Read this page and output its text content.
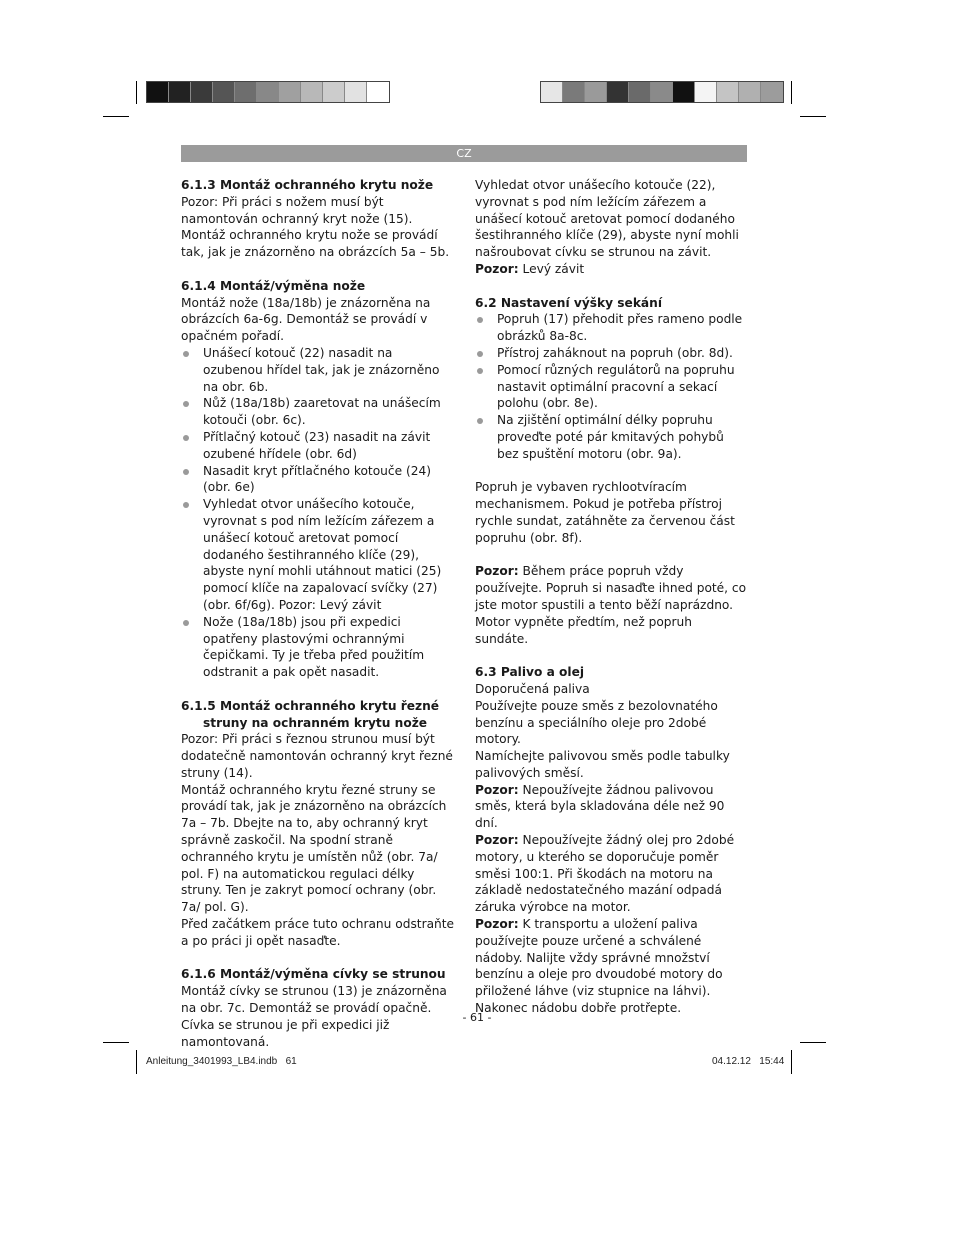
CZ
6.1.3 Montáž ochranného krytu nože

Pozor: Při práci s nožem musí být namontován ochranný kryt nože (15).

Montáž ochranného krytu nože se provádí tak, jak je znázorněno na obrázcích 5a – 5b.

6.1.4 Montáž/výměna nože

Montáž nože (18a/18b) je znázorněna na obrázcích 6a-6g. Demontáž se provádí v opačném pořadí.

Unášecí kotouč (22) nasadit na ozubenou hřídel tak, jak je znázorněno na obr. 6b.
Nůž (18a/18b) zaaretovat na unášecím kotouči (obr. 6c).
Přítlačný kotouč (23) nasadit na závit ozubené hřídele (obr. 6d)
Nasadit kryt přítlačného kotouče (24) (obr. 6e)
Vyhledat otvor unášecího kotouče, vyrovnat s pod ním ležícím zářezem a unášecí kotouč aretovat pomocí dodaného šestihranného klíče (29), abyste nyní mohli utáhnout matici (25) pomocí klíče na zapalovací svíčky (27) (obr. 6f/6g). Pozor: Levý závit
Nože (18a/18b) jsou při expedici opatřeny plastovými ochrannými čepičkami. Ty je třeba před použitím odstranit a pak opět nasadit.
6.1.5 Montáž ochranného krytu řezné struny na ochranném krytu nože

Pozor: Při práci s řeznou strunou musí být dodatečně namontován ochranný kryt řezné struny (14).

Montáž ochranného krytu řezné struny se provádí tak, jak je znázorněno na obrázcích 7a – 7b. Dbejte na to, aby ochranný kryt správně zaskočil. Na spodní straně ochranného krytu je umístěn nůž (obr. 7a/ pol. F) na automatickou regulaci délky struny. Ten je zakryt pomocí ochrany (obr. 7a/ pol. G).

Před začátkem práce tuto ochranu odstraňte a po práci ji opět nasaďte.

6.1.6 Montáž/výměna cívky se strunou

Montáž cívky se strunou (13) je znázorněna na obr. 7c. Demontáž se provádí opačně. Cívka se strunou je při expedici již namontovaná.

Vyhledat otvor unášecího kotouče (22), vyrovnat s pod ním ležícím zářezem a unášecí kotouč aretovat pomocí dodaného šestihranného klíče (29), abyste nyní mohli našroubovat cívku se strunou na závit. Pozor: Levý závit

6.2 Nastavení výšky sekání
Popruh (17) přehodit přes rameno podle obrázků 8a-8c.
Přístroj zaháknout na popruh (obr. 8d).
Pomocí různých regulátorů na popruhu nastavit optimální pracovní a sekací polohu (obr. 8e).
Na zjištění optimální délky popruhu proveďte poté pár kmitavých pohybů bez spuštění motoru (obr. 9a).

Popruh je vybaven rychlootvíracím mechanismem. Pokud je potřeba přístroj rychle sundat, zatáhněte za červenou část popruhu (obr. 8f).

Pozor: Během práce popruh vždy používejte. Popruh si nasaďte ihned poté, co jste motor spustili a tento běží naprázdno. Motor vypněte předtím, než popruh sundáte.

6.3 Palivo a olej

Doporučená paliva

Používejte pouze směs z bezolovnatého benzínu a speciálního oleje pro 2dobé motory.

Namíchejte palivovou směs podle tabulky palivových směsí.

Pozor: Nepoužívejte žádnou palivovou směs, která byla skladována déle než 90 dní.

Pozor: Nepoužívejte žádný olej pro 2dobé motory, u kterého se doporučuje poměr směsi 100:1. Při škodách na motoru na základě nedostatečného mazání odpadá záruka výrobce na motor.

Pozor: K transportu a uložení paliva používejte pouze určené a schválené nádoby. Nalijte vždy správné množství benzínu a oleje pro dvoudobé motory do přiložené láhve (viz stupnice na láhvi). Nakonec nádobu dobře protřepte.

- 61 -
Anleitung_3401993_LB4.indb   61	04.12.12   15:44
